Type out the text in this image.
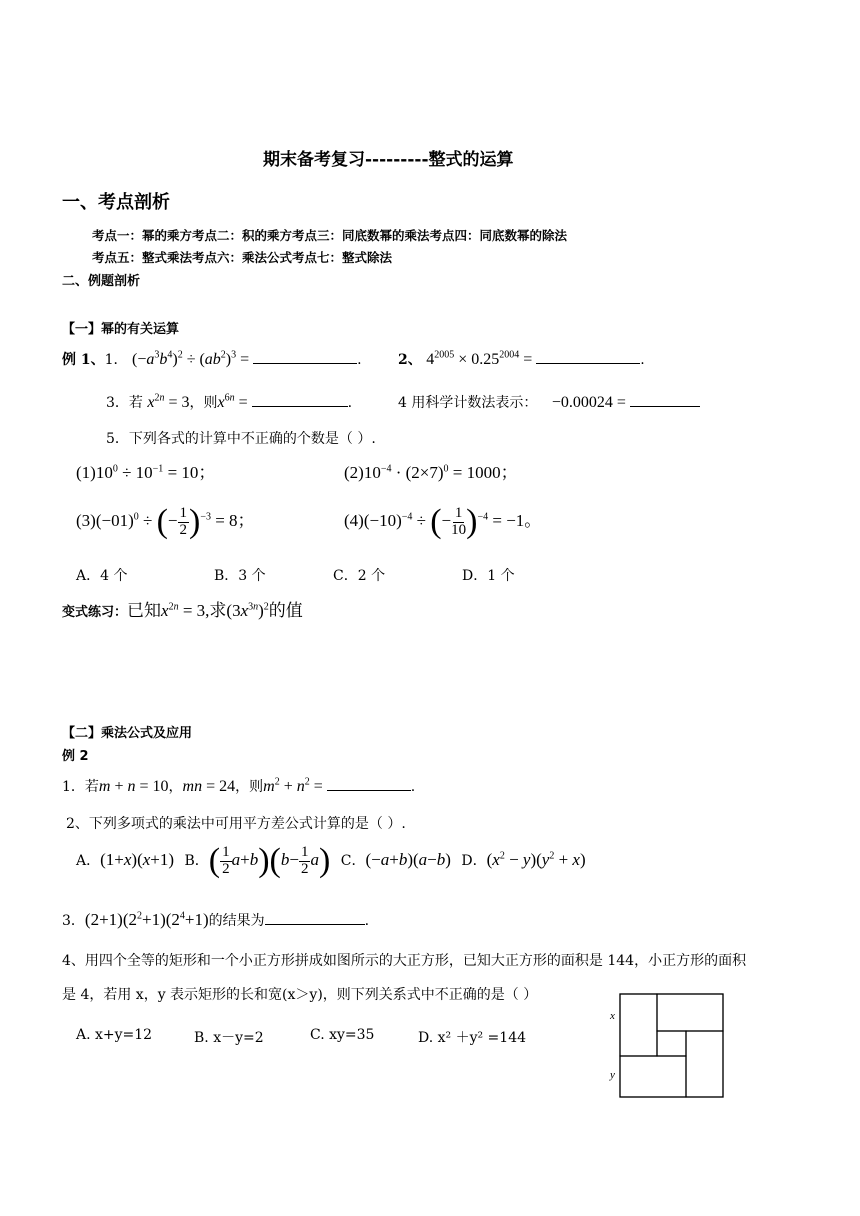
期末备考复习---------整式的运算
一、考点剖析
考点一：幂的乘方考点二：积的乘方考点三：同底数幂的乘法考点四：同底数幂的除法
考点五：整式乘法考点六：乘法公式考点七：整式除法
二、例题剖析
【一】幂的有关运算
例 1、1． $(-a^3b^4)^2 \div (ab^2)^3$ =	.	2、 $4^{2005} \times 0.25^{2004}$ =	.
3．若 $x^{2n} = 3$，则$x^{6n}$ =	.	4 用科学计数法表示： −0.00024 =
5．下列各式的计算中不正确的个数是（ ）.
$(1)10^0 \div 10^{-1} = 10$；	$(2)10^{-4} \cdot (2\times 7)^0 = 1000$；
$(3)(-01)^0$ ÷ (− $\frac{1}{2} )^{-3} = 8$；	$(4)(-10)^{-4}$ ÷ (− $\frac{1}{10} )^{-4} = -1$。
A．4 个	B．3 个	C．2 个	D．1 个
变式练习：已知$x^{2n} = 3$,求$(3x^{3n})^2$的值
【二】乘法公式及应用
例 2
1．若m + n = 10，mn = 24，则$m^2 + n^2$ =	.
2、下列多项式的乘法中可用平方差公式计算的是（ ）.
A．(1+x)(x+1) B．( $\frac{1}{2} a+b)(b- \frac{1}{2} a)$ C．(−a+b)(a−b) D．$(x^2 - y)(y^2 + x)$
3．$(2+1)(2^2+1)(2^4+1)$的结果为	.
4、用四个全等的矩形和一个小正方形拼成如图所示的大正方形，已知大正方形的面积是 144，小正方形的面积
是 4，若用 x，y 表示矩形的长和宽(x＞y)，则下列关系式中不正确的是（ ）
A. x+y=12	B. x－y=2	C. xy=35	D. x² ＋y² =144
x
y
